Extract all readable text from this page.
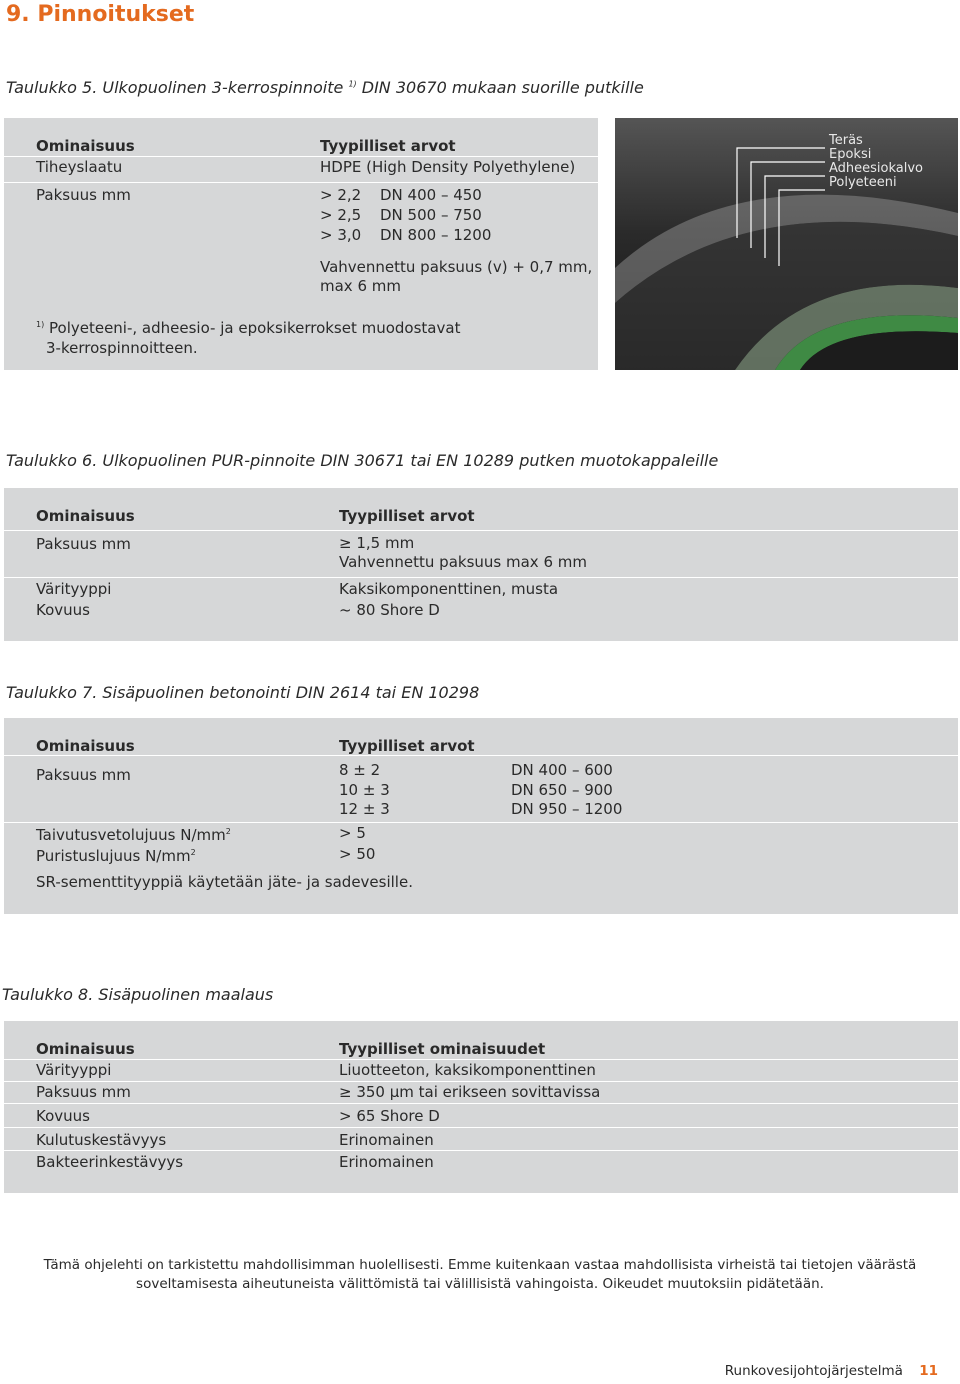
9. Pinnoitukset
Taulukko 5. Ulkopuolinen 3-kerrospinnoite $^{1)}$ DIN 30670 mukaan suorille putkille
Ominaisuus	Tyypilliset arvot
Tiheyslaatu	HDPE (High Density Polyethylene)
Paksuus mm	> 2,2 DN 400 – 450
> 2,5 DN 500 – 750
> 3,0 DN 800 – 1200
Vahvennettu paksuus (v) + 0,7 mm,
max 6 mm
$^{1)}$ Polyeteeni-, adheesio- ja epoksikerrokset muodostavat
3-kerrospinnoitteen.
Teräs
Epoksi
Adheesiokalvo
Polyeteeni
Taulukko 6. Ulkopuolinen PUR-pinnoite DIN 30671 tai EN 10289 putken muotokappaleille
Ominaisuus	Tyypilliset arvot
Paksuus mm	≥ 1,5 mm
Vahvennettu paksuus max 6 mm
Värityyppi	Kaksikomponenttinen, musta
Kovuus	~ 80 Shore D
Taulukko 7. Sisäpuolinen betonointi DIN 2614 tai EN 10298
Ominaisuus	Tyypilliset arvot
Paksuus mm	8 ± 2	DN 400 – 600
10 ± 3	DN 650 – 900
12 ± 3	DN 950 – 1200
Taivutusvetolujuus $N/mm^2$	> 5
Puristuslujuus $N/mm^2$	> 50
SR-sementtityyppiä käytetään jäte- ja sadevesille.
Taulukko 8. Sisäpuolinen maalaus
Ominaisuus	Tyypilliset ominaisuudet
Värityyppi	Liuotteeton, kaksikomponenttinen
Paksuus mm	≥ 350 µm tai erikseen sovittavissa
Kovuus	> 65 Shore D
Kulutuskestävyys	Erinomainen
Bakteerinkestävyys	Erinomainen
Tämä ohjelehti on tarkistettu mahdollisimman huolellisesti. Emme kuitenkaan vastaa mahdollisista virheistä tai tietojen väärästä
soveltamisesta aiheutuneista välittömistä tai välillisistä vahingoista. Oikeudet muutoksiin pidätetään.
Runkovesijohtojärjestelmä 11
